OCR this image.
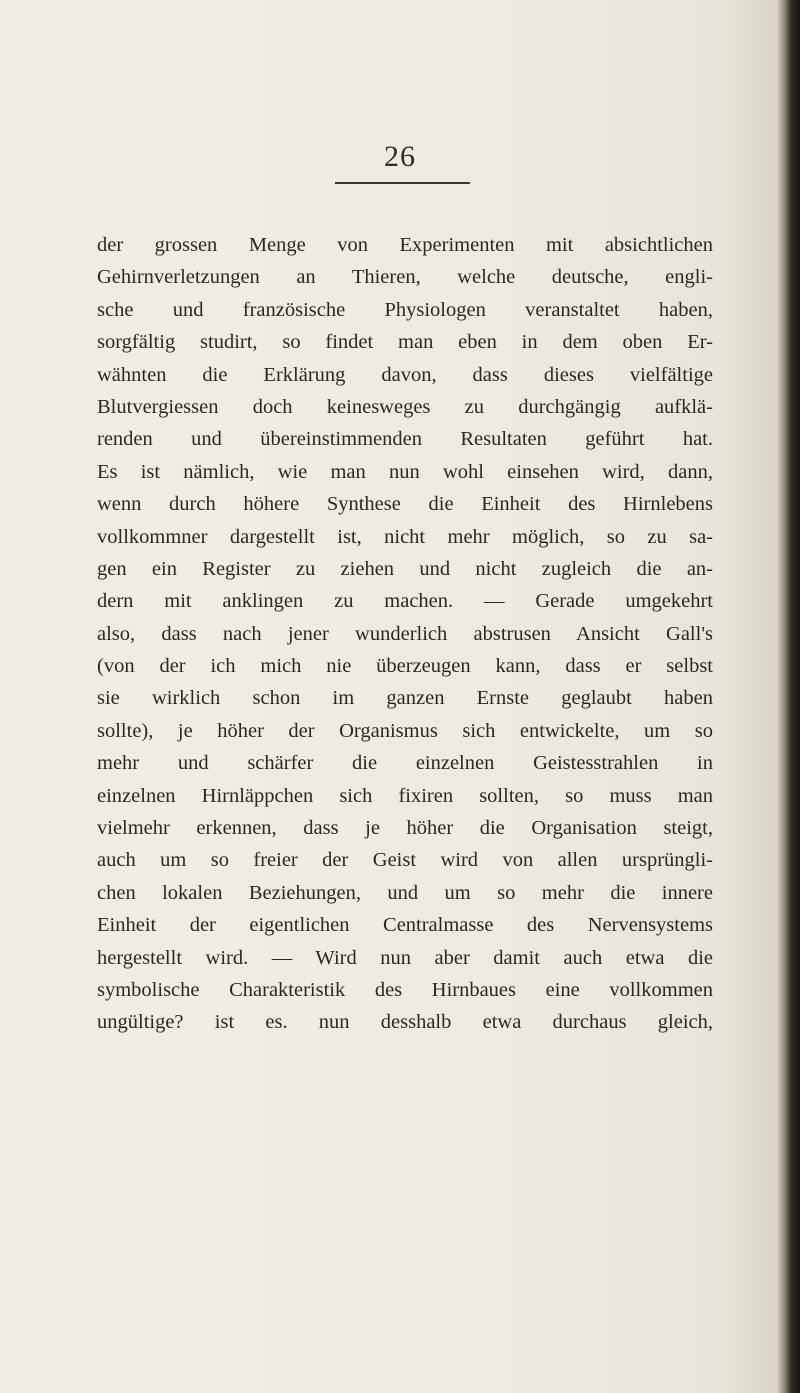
26
der grossen Menge von Experimenten mit absichtlichen
Gehirnverletzungen an Thieren, welche deutsche, engli-
sche und französische Physiologen veranstaltet haben,
sorgfältig studirt, so findet man eben in dem oben Er-
wähnten die Erklärung davon, dass dieses vielfältige
Blutvergiessen doch keinesweges zu durchgängig aufklä-
renden und übereinstimmenden Resultaten geführt hat.
Es ist nämlich, wie man nun wohl einsehen wird, dann,
wenn durch höhere Synthese die Einheit des Hirnlebens
vollkommner dargestellt ist, nicht mehr möglich, so zu sa-
gen ein Register zu ziehen und nicht zugleich die an-
dern mit anklingen zu machen. — Gerade umgekehrt
also, dass nach jener wunderlich abstrusen Ansicht Gall's
(von der ich mich nie überzeugen kann, dass er selbst
sie wirklich schon im ganzen Ernste geglaubt haben
sollte), je höher der Organismus sich entwickelte, um so
mehr und schärfer die einzelnen Geistesstrahlen in
einzelnen Hirnläppchen sich fixiren sollten, so muss man
vielmehr erkennen, dass je höher die Organisation steigt,
auch um so freier der Geist wird von allen ursprüngli-
chen lokalen Beziehungen, und um so mehr die innere
Einheit der eigentlichen Centralmasse des Nervensystems
hergestellt wird. — Wird nun aber damit auch etwa die
symbolische Charakteristik des Hirnbaues eine vollkommen
ungültige? ist es. nun desshalb etwa durchaus gleich,
